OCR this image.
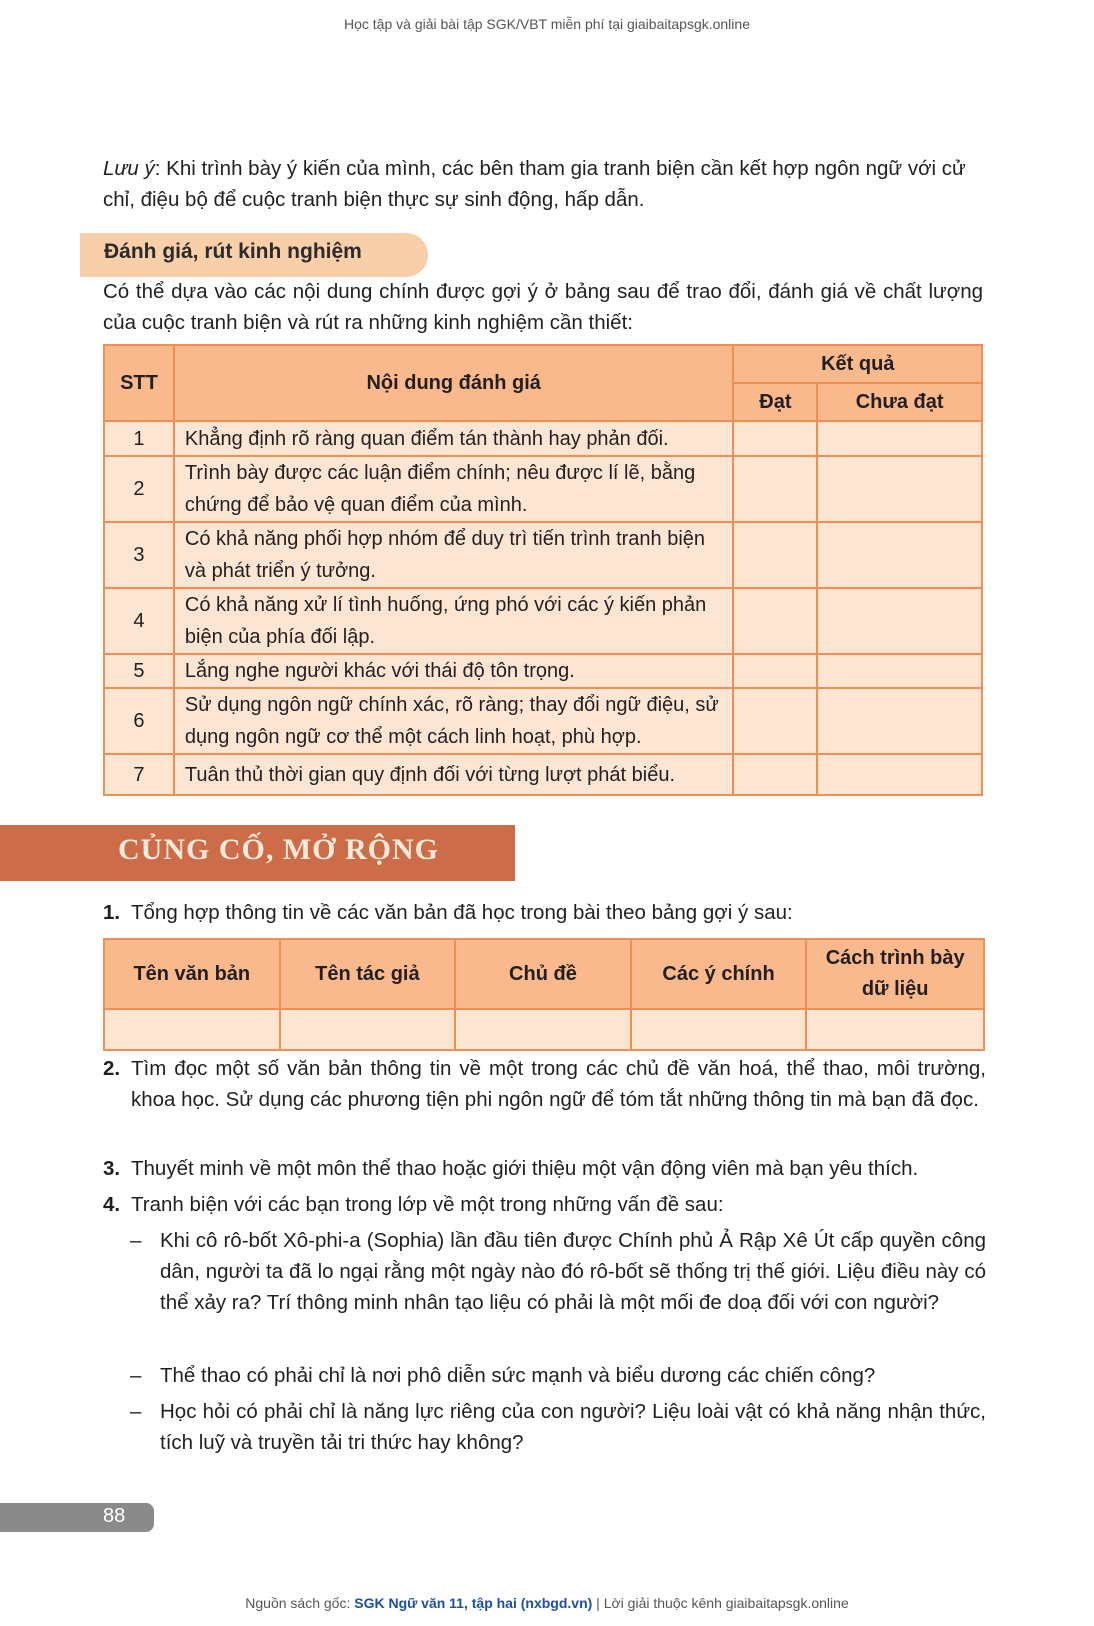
Học tập và giải bài tập SGK/VBT miễn phí tại giaibaitapsgk.online
Lưu ý: Khi trình bày ý kiến của mình, các bên tham gia tranh biện cần kết hợp ngôn ngữ với cử chỉ, điệu bộ để cuộc tranh biện thực sự sinh động, hấp dẫn.
Đánh giá, rút kinh nghiệm
Có thể dựa vào các nội dung chính được gợi ý ở bảng sau để trao đổi, đánh giá về chất lượng của cuộc tranh biện và rút ra những kinh nghiệm cần thiết:
STT	Nội dung đánh giá	Kết quả	
		Đạt	Chưa đạt
1	Khẳng định rõ ràng quan điểm tán thành hay phản đối.		
2	Trình bày được các luận điểm chính; nêu được lí lẽ, bằng chứng để bảo vệ quan điểm của mình.		
3	Có khả năng phối hợp nhóm để duy trì tiến trình tranh biện và phát triển ý tưởng.		
4	Có khả năng xử lí tình huống, ứng phó với các ý kiến phản biện của phía đối lập.		
5	Lắng nghe người khác với thái độ tôn trọng.		
6	Sử dụng ngôn ngữ chính xác, rõ ràng; thay đổi ngữ điệu, sử dụng ngôn ngữ cơ thể một cách linh hoạt, phù hợp.		
7	Tuân thủ thời gian quy định đối với từng lượt phát biểu.		
CỦNG CỐ, MỞ RỘNG
1. Tổng hợp thông tin về các văn bản đã học trong bài theo bảng gợi ý sau:
Tên văn bản	Tên tác giả	Chủ đề	Các ý chính	Cách trình bày dữ liệu

2. Tìm đọc một số văn bản thông tin về một trong các chủ đề văn hoá, thể thao, môi trường, khoa học. Sử dụng các phương tiện phi ngôn ngữ để tóm tắt những thông tin mà bạn đã đọc.
3. Thuyết minh về một môn thể thao hoặc giới thiệu một vận động viên mà bạn yêu thích.
4. Tranh biện với các bạn trong lớp về một trong những vấn đề sau:
– Khi cô rô-bốt Xô-phi-a (Sophia) lần đầu tiên được Chính phủ Ả Rập Xê Út cấp quyền công dân, người ta đã lo ngại rằng một ngày nào đó rô-bốt sẽ thống trị thế giới. Liệu điều này có thể xảy ra? Trí thông minh nhân tạo liệu có phải là một mối đe doạ đối với con người?
– Thể thao có phải chỉ là nơi phô diễn sức mạnh và biểu dương các chiến công?
– Học hỏi có phải chỉ là năng lực riêng của con người? Liệu loài vật có khả năng nhận thức, tích luỹ và truyền tải tri thức hay không?
88
Nguồn sách gốc: SGK Ngữ văn 11, tập hai (nxbgd.vn) | Lời giải thuộc kênh giaibaitapsgk.online
